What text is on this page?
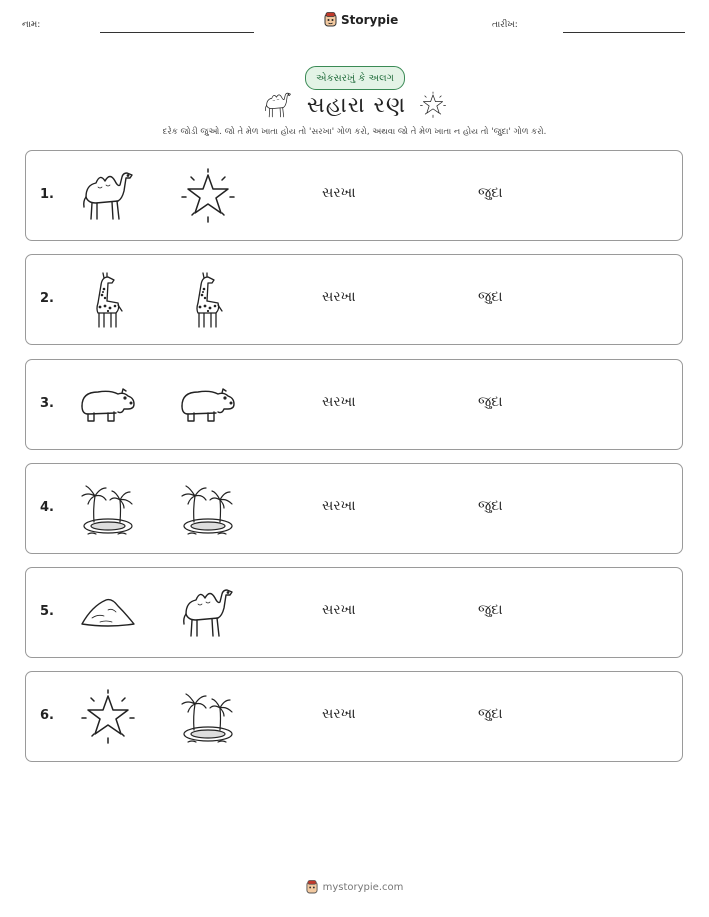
નામ:	Storypie	તારીખ:
એકસરખું કે અલગ
સહારા રણ
દરેક જોડી જુઓ. જો તે મેળ ખાતા હોય તો 'સરખા' ગોળ કરો, અથવા જો તે મેળ ખાતા ન હોય તો 'જુદા' ગોળ કરો.
1.	સરખા	જુદા
2.	સરખા	જુદા
3.	સરખા	જુદા
4.	સરખા	જુદા
5.	સરખા	જુદા
6.	સરખા	જુદા
mystorypie.com
